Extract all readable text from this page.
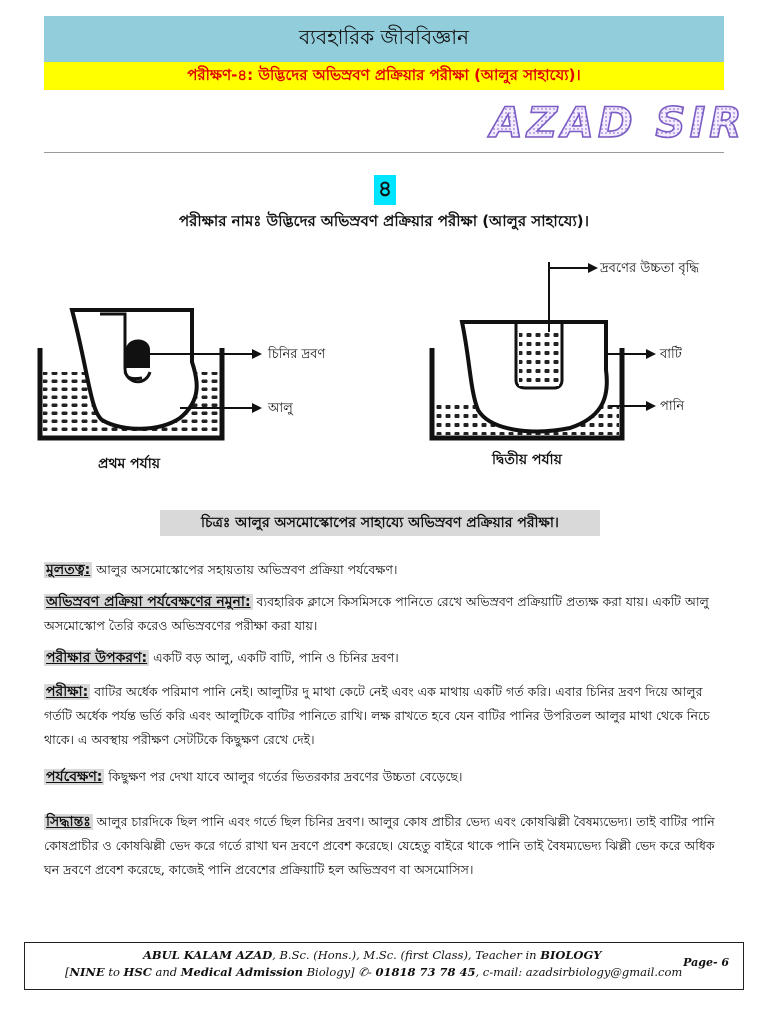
ব্যবহারিক জীববিজ্ঞান
পরীক্ষণ-৪: উদ্ভিদের অভিস্রবণ প্রক্রিয়ার পরীক্ষা (আলুর সাহায্যে)।
AZAD SIR
৪
পরীক্ষার নামঃ উদ্ভিদের অভিস্রবণ প্রক্রিয়ার পরীক্ষা (আলুর সাহায্যে)।
প্রথম পর্যায়
চিনির দ্রবণ
আলু
দ্বিতীয় পর্যায়
দ্রবণের উচ্চতা বৃদ্ধি
বাটি
পানি
চিত্রঃ আলুর অসমোস্কোপের সাহায্যে অভিস্রবণ প্রক্রিয়ার পরীক্ষা।
মুলতত্ব: আলুর অসমোস্কোপের সহায়তায় অভিস্রবণ প্রক্রিয়া পর্যবেক্ষণ।
অভিস্রবণ প্রক্রিয়া পর্যবেক্ষণের নমুনা: ব্যবহারিক ক্লাসে কিসমিসকে পানিতে রেখে অভিস্রবণ প্রক্রিয়াটি প্রত্যক্ষ করা যায়। একটি আলু অসমোস্কোপ তৈরি করেও অভিস্রবণের পরীক্ষা করা যায়।
পরীক্ষার উপকরণ: একটি বড় আলু, একটি বাটি, পানি ও চিনির দ্রবণ।
পরীক্ষা: বাটির অর্ধেক পরিমাণ পানি নেই। আলুটির দু মাথা কেটে নেই এবং এক মাথায় একটি গর্ত করি। এবার চিনির দ্রবণ দিয়ে আলুর গর্তটি অর্ধেক পর্যন্ত ভর্তি করি এবং আলুটিকে বাটির পানিতে রাখি। লক্ষ রাখতে হবে যেন বাটির পানির উপরিতল আলুর মাথা থেকে নিচে থাকে। এ অবস্থায় পরীক্ষণ সেটটিকে কিছুক্ষণ রেখে দেই।
পর্যবেক্ষণ: কিছুক্ষণ পর দেখা যাবে আলুর গর্তের ভিতরকার দ্রবণের উচ্চতা বেড়েছে।
সিদ্ধান্তঃ আলুর চারদিকে ছিল পানি এবং গর্তে ছিল চিনির দ্রবণ। আলুর কোষ প্রাচীর ভেদ্য এবং কোষঝিল্লী বৈষম্যভেদ্য। তাই বাটির পানি কোষপ্রাচীর ও কোষঝিল্লী ভেদ করে গর্তে রাখা ঘন দ্রবণে প্রবেশ করেছে। যেহেতু বাইরে থাকে পানি তাই বৈষম্যভেদ্য ঝিল্লী ভেদ করে অধিক ঘন দ্রবণে প্রবেশ করেছে, কাজেই পানি প্রবেশের প্রক্রিয়াটি হল অভিস্রবণ বা অসমোসিস।
ABUL KALAM AZAD, B.Sc. (Hons.), M.Sc. (first Class), Teacher in BIOLOGY
[NINE to HSC and Medical Admission Biology] ✆- 01818 73 78 45, c-mail: azadsirbiology@gmail.com
Page- 6
